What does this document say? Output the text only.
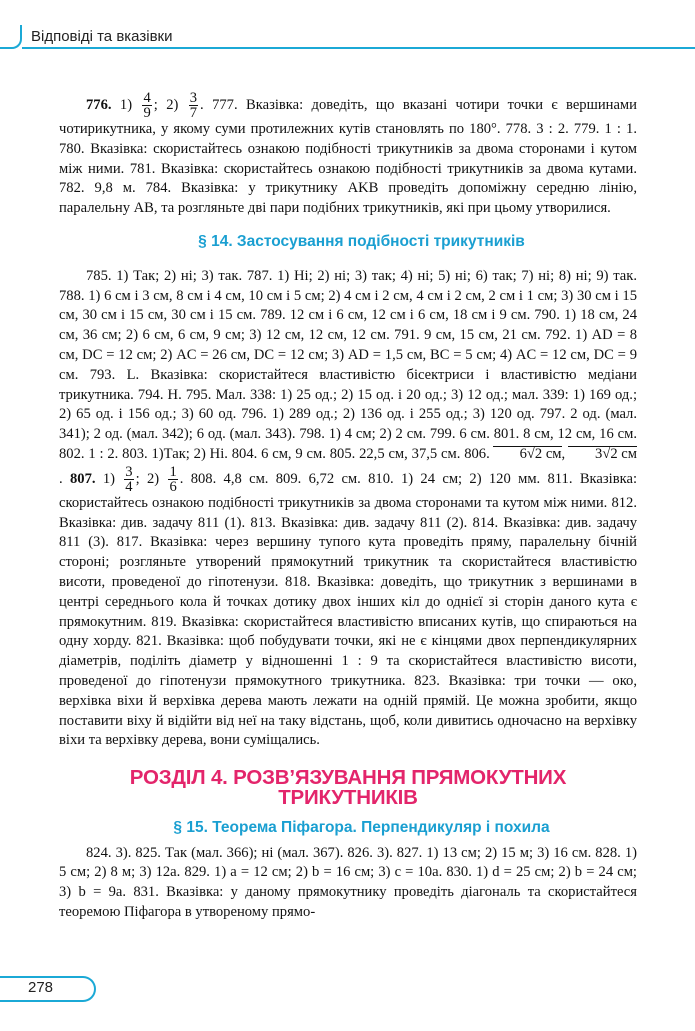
Відповіді та вказівки

776. $1) \frac{4}{9}$ ; $2) \frac{3}{7}$ . 777. Вказівка: доведіть, що вказані чотири точки є вершинами чотирикутника, у якому суми протилежних кутів становлять по 180°. 778. 3 : 2. 779. 1 : 1. 780. Вказівка: скористайтесь ознакою подібності трикутників за двома сторонами і кутом між ними. 781. Вказівка: скористайтесь ознакою подібності трикутників за двома кутами. 782. 9,8 м. 784. Вказівка: у трикутнику AKB проведіть допоміжну середню лінію, паралельну AB, та розгляньте дві пари подібних трикутників, які при цьому утворилися.

§ 14. Застосування подібності трикутників

785. 1) Так; 2) ні; 3) так. 787. 1) Ні; 2) ні; 3) так; 4) ні; 5) ні; 6) так; 7) ні; 8) ні; 9) так. 788. 1) 6 см і 3 см, 8 см і 4 см, 10 см і 5 см; 2) 4 см і 2 см, 4 см і 2 см, 2 см і 1 см; 3) 30 см і 15 см, 30 см і 15 см, 30 см і 15 см. 789. 12 см і 6 см, 12 см і 6 см, 18 см і 9 см. 790. 1) 18 см, 24 см, 36 см; 2) 6 см, 6 см, 9 см; 3) 12 см, 12 см, 12 см. 791. 9 см, 15 см, 21 см. 792. 1) AD = 8 см, DC = 12 см; 2) AC = 26 см, DC = 12 см; 3) AD = 1,5 см, BC = 5 см; 4) AC = 12 см, DC = 9 см. 793. L. Вказівка: скористайтеся властивістю бісектриси і властивістю медіани трикутника. 794. H. 795. Мал. 338: 1) 25 од.; 2) 15 од. і 20 од.; 3) 12 од.; мал. 339: 1) 169 од.; 2) 65 од. і 156 од.; 3) 60 од. 796. 1) 289 од.; 2) 136 од. і 255 од.; 3) 120 од. 797. 2 од. (мал. 341); 2 од. (мал. 342); 6 од. (мал. 343). 798. 1) 4 см; 2) 2 см. 799. 6 см. 801. 8 см, 12 см, 16 см. 802. 1 : 2. 803. 1)Так; 2) Ні. 804. 6 см, 9 см. 805. 22,5 см, 37,5 см. 806. 6√2 см, 3√2 см. 807. $1) \frac{3}{4}$ ; $2) \frac{1}{6}$ . 808. 4,8 см. 809. 6,72 см. 810. 1) 24 см; 2) 120 мм. 811. Вказівка: скористайтесь ознакою подібності трикутників за двома сторонами та кутом між ними. 812. Вказівка: див. задачу 811 (1). 813. Вказівка: див. задачу 811 (2). 814. Вказівка: див. задачу 811 (3). 817. Вказівка: через вершину тупого кута проведіть пряму, паралельну бічній стороні; розгляньте утворений прямокутний трикутник та скористайтеся властивістю висоти, проведеної до гіпотенузи. 818. Вказівка: доведіть, що трикутник з вершинами в центрі середнього кола й точках дотику двох інших кіл до однієї зі сторін даного кута є прямокутним. 819. Вказівка: скористайтеся властивістю вписаних кутів, що спираються на одну хорду. 821. Вказівка: щоб побудувати точки, які не є кінцями двох перпендикулярних діаметрів, поділіть діаметр у відношенні 1 : 9 та скористайтеся властивістю висоти, проведеної до гіпотенузи прямокутного трикутника. 823. Вказівка: три точки — око, верхівка віхи й верхівка дерева мають лежати на одній прямій. Це можна зробити, якщо поставити віху й відійти від неї на таку відстань, щоб, коли дивитись одночасно на верхівку віхи та верхівку дерева, вони суміщались.

РОЗДІЛ 4. РОЗВ’ЯЗУВАННЯ ПРЯМОКУТНИХ ТРИКУТНИКІВ

§ 15. Теорема Піфагора. Перпендикуляр і похила

824. 3). 825. Так (мал. 366); ні (мал. 367). 826. 3). 827. 1) 13 см; 2) 15 м; 3) 16 см. 828. 1) 5 см; 2) 8 м; 3) 12a. 829. 1) a = 12 см; 2) b = 16 см; 3) c = 10a. 830. 1) d = 25 см; 2) b = 24 см; 3) b = 9a. 831. Вказівка: у даному прямокутнику проведіть діагональ та скористайтеся теоремою Піфагора в утвореному прямо-

278
